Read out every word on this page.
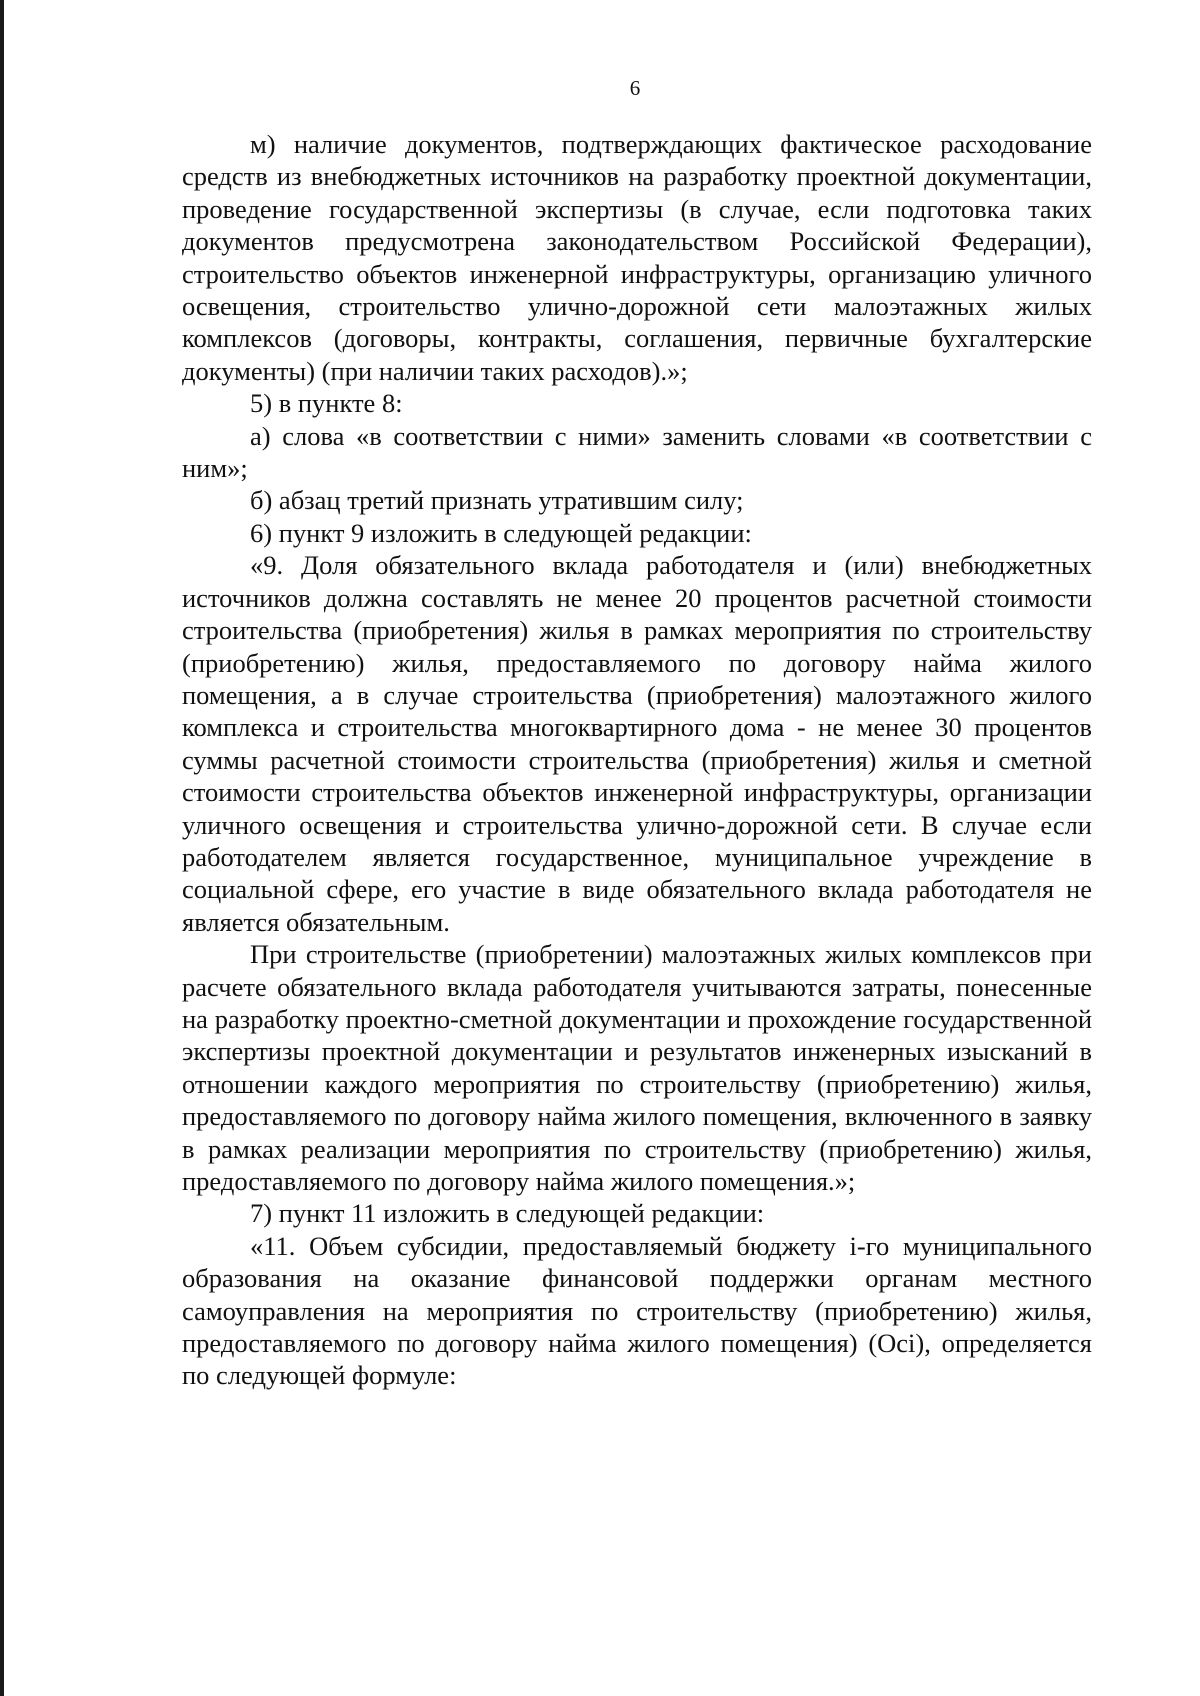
6

м) наличие документов, подтверждающих фактическое расходование средств из внебюджетных источников на разработку проектной документации, проведение государственной экспертизы (в случае, если подготовка таких документов предусмотрена законодательством Российской Федерации), строительство объектов инженерной инфраструктуры, организацию уличного освещения, строительство улично-дорожной сети малоэтажных жилых комплексов (договоры, контракты, соглашения, первичные бухгалтерские документы) (при наличии таких расходов).»;

5) в пункте 8:

а) слова «в соответствии с ними» заменить словами «в соответствии с ним»;

б) абзац третий признать утратившим силу;

6) пункт 9 изложить в следующей редакции:

«9. Доля обязательного вклада работодателя и (или) внебюджетных источников должна составлять не менее 20 процентов расчетной стоимости строительства (приобретения) жилья в рамках мероприятия по строительству (приобретению) жилья, предоставляемого по договору найма жилого помещения, а в случае строительства (приобретения) малоэтажного жилого комплекса и строительства многоквартирного дома - не менее 30 процентов суммы расчетной стоимости строительства (приобретения) жилья и сметной стоимости строительства объектов инженерной инфраструктуры, организации уличного освещения и строительства улично-дорожной сети. В случае если работодателем является государственное, муниципальное учреждение в социальной сфере, его участие в виде обязательного вклада работодателя не является обязательным.

При строительстве (приобретении) малоэтажных жилых комплексов при расчете обязательного вклада работодателя учитываются затраты, понесенные на разработку проектно-сметной документации и прохождение государственной экспертизы проектной документации и результатов инженерных изысканий в отношении каждого мероприятия по строительству (приобретению) жилья, предоставляемого по договору найма жилого помещения, включенного в заявку в рамках реализации мероприятия по строительству (приобретению) жилья, предоставляемого по договору найма жилого помещения.»;

7) пункт 11 изложить в следующей редакции:

«11. Объем субсидии, предоставляемый бюджету i-го муниципального образования на оказание финансовой поддержки органам местного самоуправления на мероприятия по строительству (приобретению) жилья, предоставляемого по договору найма жилого помещения) (Осi), определяется по следующей формуле:
